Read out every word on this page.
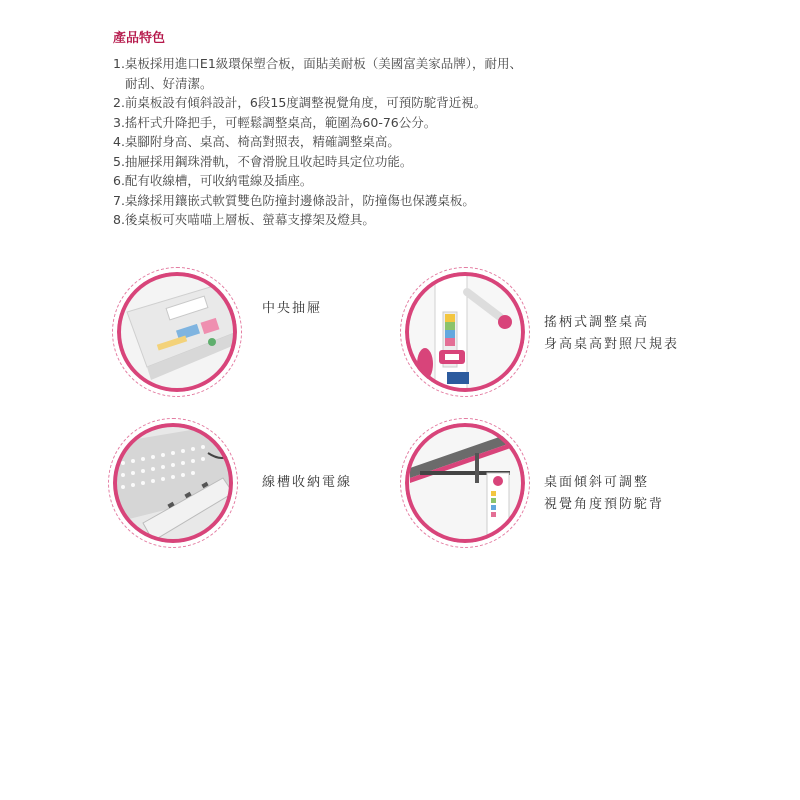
產品特色
1.桌板採用進口E1級環保塑合板，面貼美耐板（美國富美家品牌），耐用、
耐刮、好清潔。
2.前桌板設有傾斜設計，6段15度調整視覺角度，可預防駝背近視。
3.搖杆式升降把手，可輕鬆調整桌高，範圍為60-76公分。
4.桌腳附身高、桌高、椅高對照表，精確調整桌高。
5.抽屜採用鋼珠滑軌，不會滑脫且收起時具定位功能。
6.配有收線槽，可收納電線及插座。
7.桌緣採用鑲嵌式軟質雙色防撞封邊條設計，防撞傷也保護桌板。
8.後桌板可夾喵喵上層板、螢幕支撐架及燈具。
中央抽屜
搖柄式調整桌高
身高桌高對照尺規表
線槽收納電線	桌面傾斜可調整
視覺角度預防駝背
